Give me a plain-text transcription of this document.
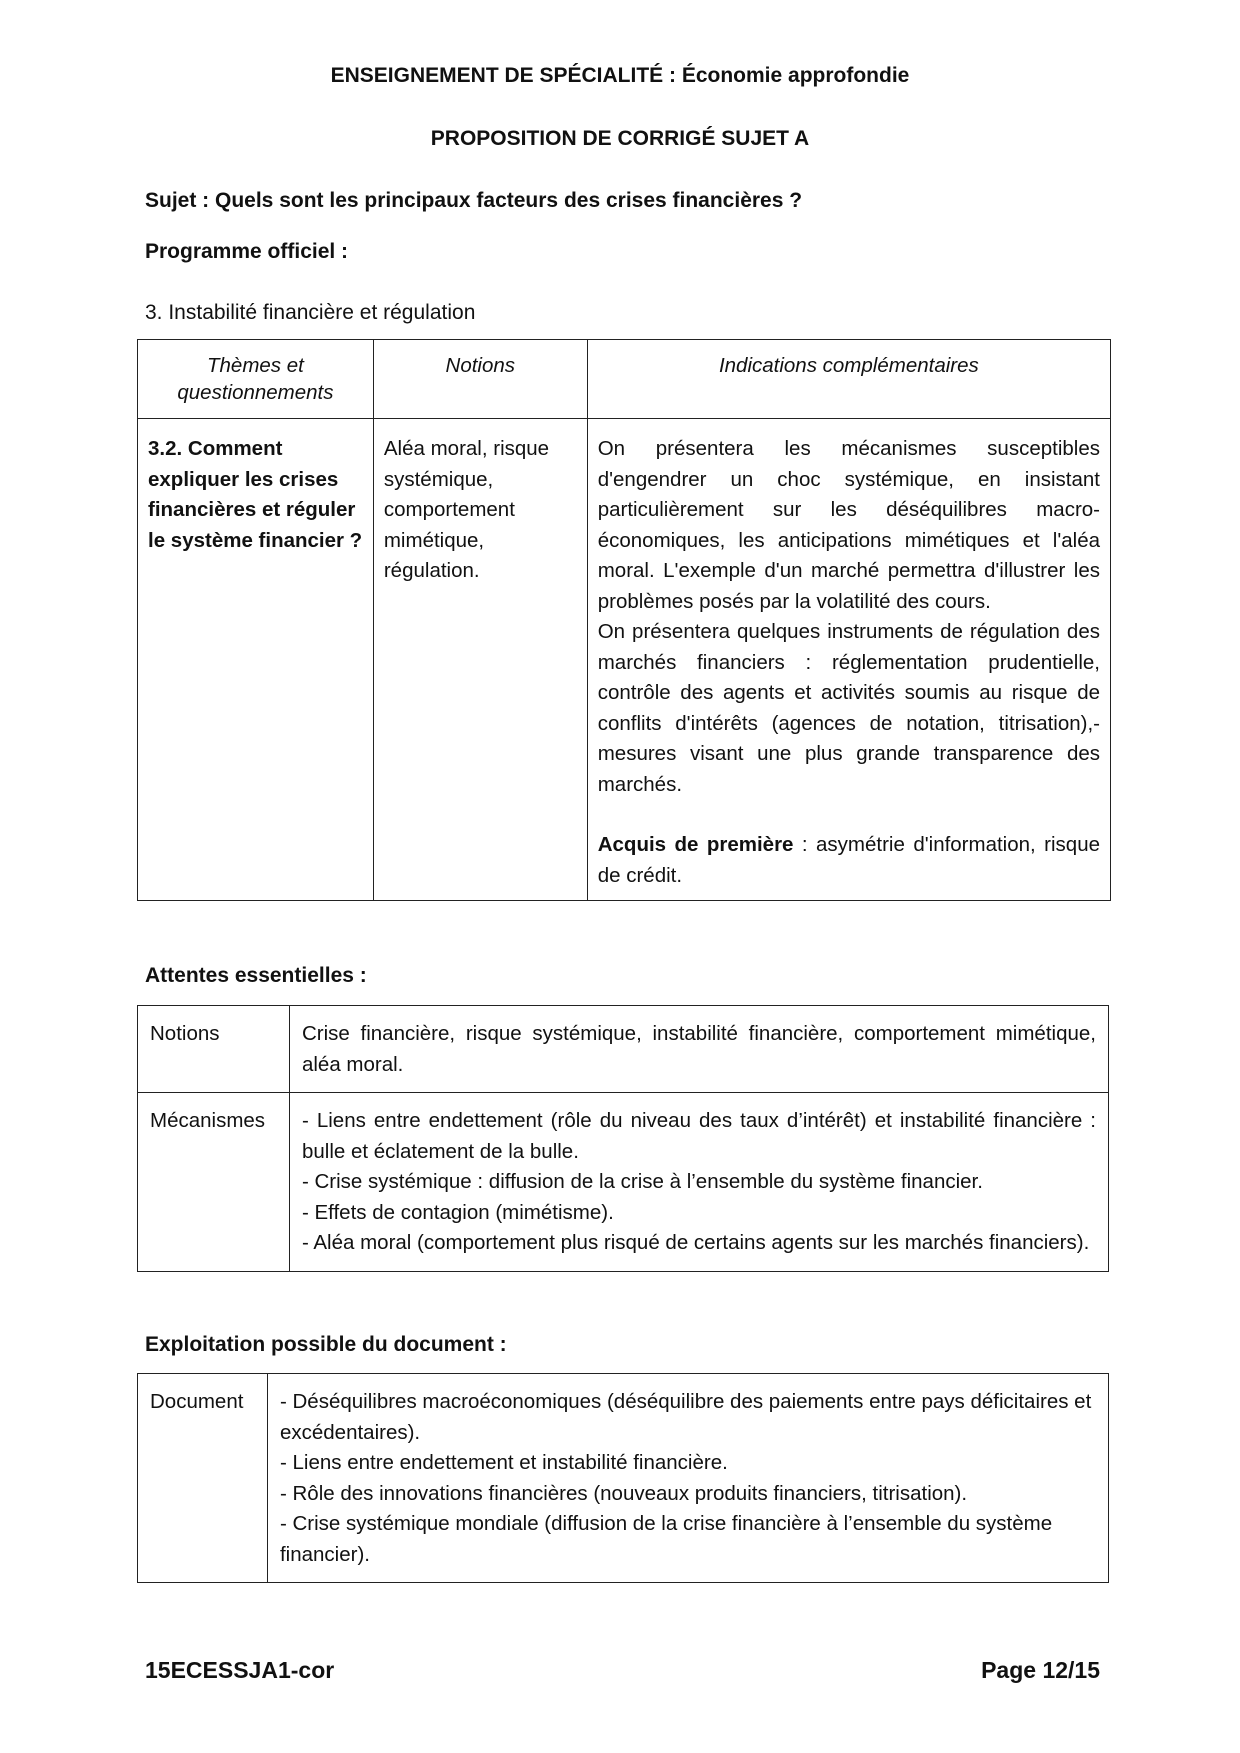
ENSEIGNEMENT DE SPÉCIALITÉ : Économie approfondie
PROPOSITION DE CORRIGÉ SUJET A
Sujet : Quels sont les principaux facteurs des crises financières ?
Programme officiel :
3. Instabilité financière et régulation
Thèmes et questionnements	Notions	Indications complémentaires
3.2. Comment expliquer les crises financières et réguler le système financier ?	Aléa moral, risque systémique, comportement mimétique, régulation.	On présentera les mécanismes susceptibles d'engendrer un choc systémique, en insistant particulièrement sur les déséquilibres macro-économiques, les anticipations mimétiques et l'aléa moral. L'exemple d'un marché permettra d'illustrer les problèmes posés par la volatilité des cours.
On présentera quelques instruments de régulation des marchés financiers : réglementation prudentielle, contrôle des agents et activités soumis au risque de conflits d'intérêts (agences de notation, titrisation),-mesures visant une plus grande transparence des marchés.
Acquis de première : asymétrie d'information, risque de crédit.
Attentes essentielles :
Notions	Crise financière, risque systémique, instabilité financière, comportement mimétique, aléa moral.
Mécanismes	- Liens entre endettement (rôle du niveau des taux d’intérêt) et instabilité financière : bulle et éclatement de la bulle.
- Crise systémique : diffusion de la crise à l’ensemble du système financier.
- Effets de contagion (mimétisme).
- Aléa moral (comportement plus risqué de certains agents sur les marchés financiers).
Exploitation possible du document :
Document	- Déséquilibres macroéconomiques (déséquilibre des paiements entre pays déficitaires et excédentaires).
- Liens entre endettement et instabilité financière.
- Rôle des innovations financières (nouveaux produits financiers, titrisation).
- Crise systémique mondiale (diffusion de la crise financière à l’ensemble du système financier).
15ECESSJA1-cor	Page 12/15
